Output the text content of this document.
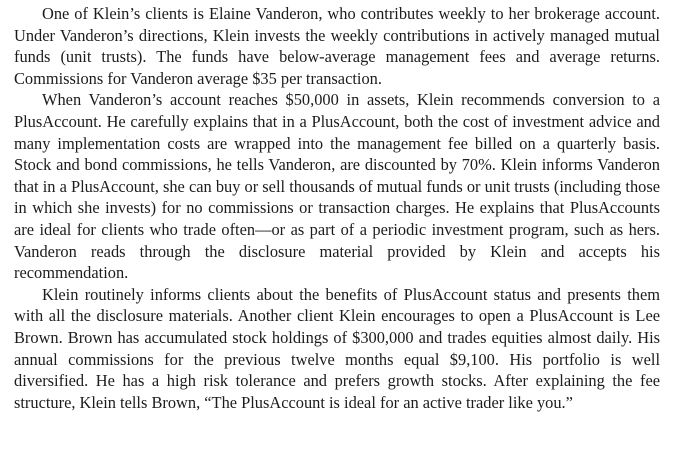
One of Klein’s clients is Elaine Vanderon, who contributes weekly to her brokerage account. Under Vanderon’s directions, Klein invests the weekly contributions in actively managed mutual funds (unit trusts). The funds have below-average management fees and average returns. Commissions for Vanderon average $35 per transaction.

When Vanderon’s account reaches $50,000 in assets, Klein recommends conversion to a PlusAccount. He carefully explains that in a PlusAccount, both the cost of investment advice and many implementation costs are wrapped into the management fee billed on a quarterly basis. Stock and bond commissions, he tells Vanderon, are discounted by 70%. Klein informs Vanderon that in a PlusAccount, she can buy or sell thousands of mutual funds or unit trusts (including those in which she invests) for no commissions or transaction charges. He explains that PlusAccounts are ideal for clients who trade often—or as part of a periodic investment program, such as hers. Vanderon reads through the disclosure material provided by Klein and accepts his recommendation.

Klein routinely informs clients about the benefits of PlusAccount status and presents them with all the disclosure materials. Another client Klein encourages to open a PlusAccount is Lee Brown. Brown has accumulated stock holdings of $300,000 and trades equities almost daily. His annual commissions for the previous twelve months equal $9,100. His portfolio is well diversified. He has a high risk tolerance and prefers growth stocks. After explaining the fee structure, Klein tells Brown, “The PlusAccount is ideal for an active trader like you.”
